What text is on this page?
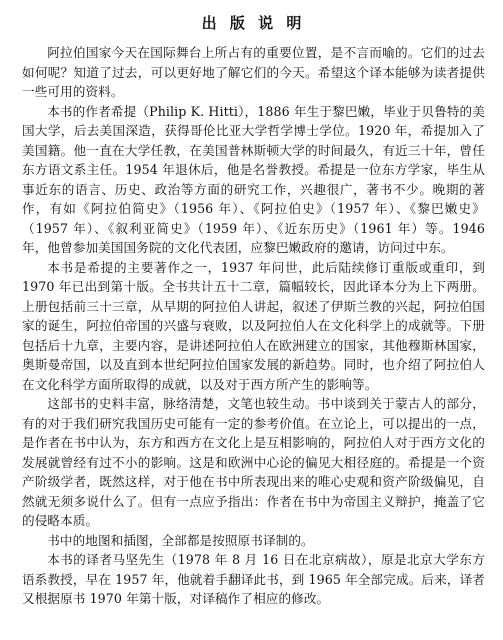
出 版 说 明

阿拉伯国家今天在国际舞台上所占有的重要位置，是不言而喻的。它们的过去如何呢？知道了过去，可以更好地了解它们的今天。希望这个译本能够为读者提供一些可用的资料。

本书的作者希提（Philip K. Hitti），1886 年生于黎巴嫩，毕业于贝鲁特的美国大学，后去美国深造，获得哥伦比亚大学哲学博士学位。1920 年，希提加入了美国籍。他一直在大学任教，在美国普林斯顿大学的时间最久，有近三十年，曾任东方语文系主任。1954 年退休后，他是名誉教授。希提是一位东方学家，毕生从事近东的语言、历史、政治等方面的研究工作，兴趣很广，著书不少。晚期的著作，有如《阿拉伯简史》（1956 年）、《阿拉伯史》（1957 年）、《黎巴嫩史》（1957 年）、《叙利亚简史》（1959 年）、《近东历史》（1961 年）等。1946 年，他曾参加美国国务院的文化代表团，应黎巴嫩政府的邀请，访问过中东。

本书是希提的主要著作之一，1937 年问世，此后陆续修订重版或重印，到 1970 年已出到第十版。全书共计五十二章，篇幅较长，因此译本分为上下两册。上册包括前三十三章，从早期的阿拉伯人讲起，叙述了伊斯兰教的兴起，阿拉伯国家的诞生，阿拉伯帝国的兴盛与衰败，以及阿拉伯人在文化科学上的成就等。下册包括后十九章，主要内容，是讲述阿拉伯人在欧洲建立的国家，其他穆斯林国家，奥斯曼帝国，以及直到本世纪阿拉伯国家发展的新趋势。同时，也介绍了阿拉伯人在文化科学方面所取得的成就，以及对于西方所产生的影响等。

这部书的史料丰富，脉络清楚，文笔也较生动。书中谈到关于蒙古人的部分，有的对于我们研究我国历史可能有一定的参考价值。在立论上，可以提出的一点，是作者在书中认为，东方和西方在文化上是互相影响的，阿拉伯人对于西方文化的发展就曾经有过不小的影响。这是和欧洲中心论的偏见大相径庭的。希提是一个资产阶级学者，既然这样，对于他在书中所表现出来的唯心史观和资产阶级偏见，自然就无须多说什么了。但有一点应予指出：作者在书中为帝国主义辩护，掩盖了它的侵略本质。

书中的地图和插图，全部都是按照原书译制的。

本书的译者马坚先生（1978 年 8 月 16 日在北京病故），原是北京大学东方语系教授，早在 1957 年，他就着手翻译此书，到 1965 年全部完成。后来，译者又根据原书 1970 年第十版，对译稿作了相应的修改。
